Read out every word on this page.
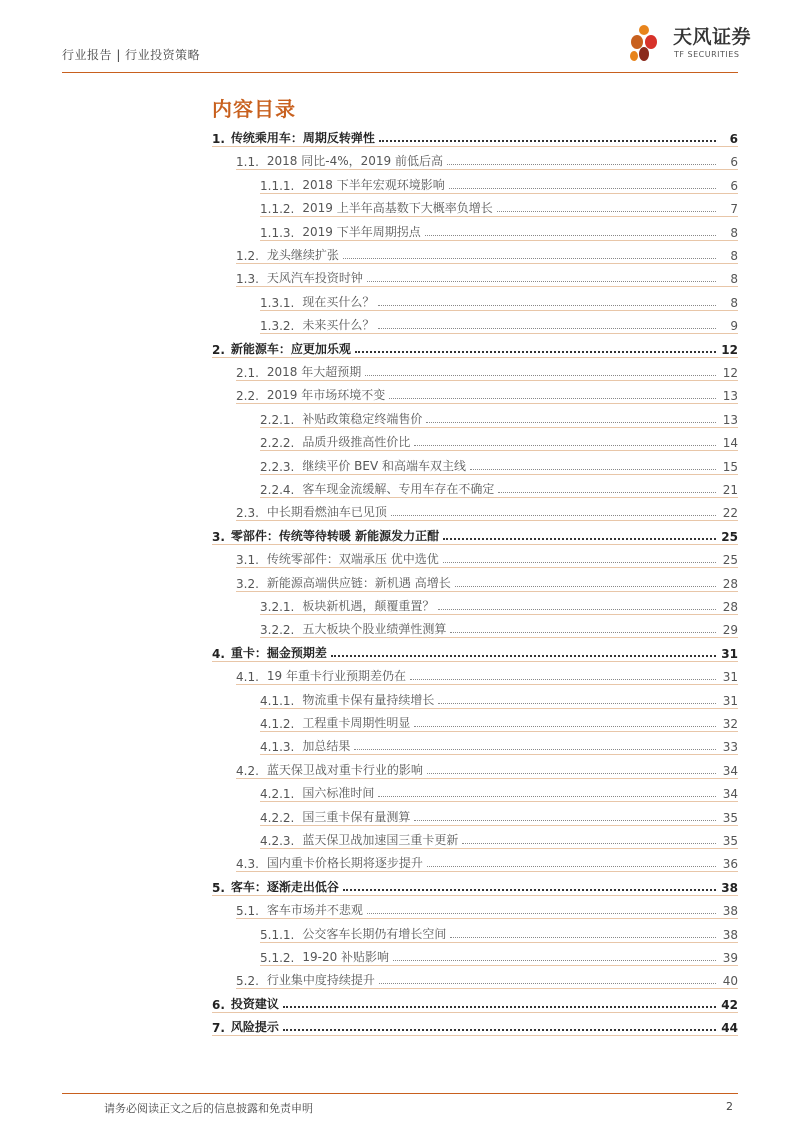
行业报告 | 行业投资策略
天风证券
TF SECURITIES
内容目录
1. 传统乘用车：周期反转弹性	6
1.1. 2018 同比-4%，2019 前低后高	6
1.1.1. 2018 下半年宏观环境影响	6
1.1.2. 2019 上半年高基数下大概率负增长	7
1.1.3. 2019 下半年周期拐点	8
1.2. 龙头继续扩张	8
1.3. 天风汽车投资时钟	8
1.3.1. 现在买什么？	8
1.3.2. 未来买什么？	9
2. 新能源车：应更加乐观	12
2.1. 2018 年大超预期	12
2.2. 2019 年市场环境不变	13
2.2.1. 补贴政策稳定终端售价	13
2.2.2. 品质升级推高性价比	14
2.2.3. 继续平价 BEV 和高端车双主线	15
2.2.4. 客车现金流缓解、专用车存在不确定	21
2.3. 中长期看燃油车已见顶	22
3. 零部件：传统等待转暖 新能源发力正酣	25
3.1. 传统零部件：双端承压 优中选优	25
3.2. 新能源高端供应链：新机遇 高增长	28
3.2.1. 板块新机遇，颠覆重置？	28
3.2.2. 五大板块个股业绩弹性测算	29
4. 重卡：掘金预期差	31
4.1. 19 年重卡行业预期差仍在	31
4.1.1. 物流重卡保有量持续增长	31
4.1.2. 工程重卡周期性明显	32
4.1.3. 加总结果	33
4.2. 蓝天保卫战对重卡行业的影响	34
4.2.1. 国六标准时间	34
4.2.2. 国三重卡保有量测算	35
4.2.3. 蓝天保卫战加速国三重卡更新	35
4.3. 国内重卡价格长期将逐步提升	36
5. 客车：逐渐走出低谷	38
5.1. 客车市场并不悲观	38
5.1.1. 公交客车长期仍有增长空间	38
5.1.2. 19-20 补贴影响	39
5.2. 行业集中度持续提升	40
6. 投资建议	42
7. 风险提示	44
请务必阅读正文之后的信息披露和免责申明	2
